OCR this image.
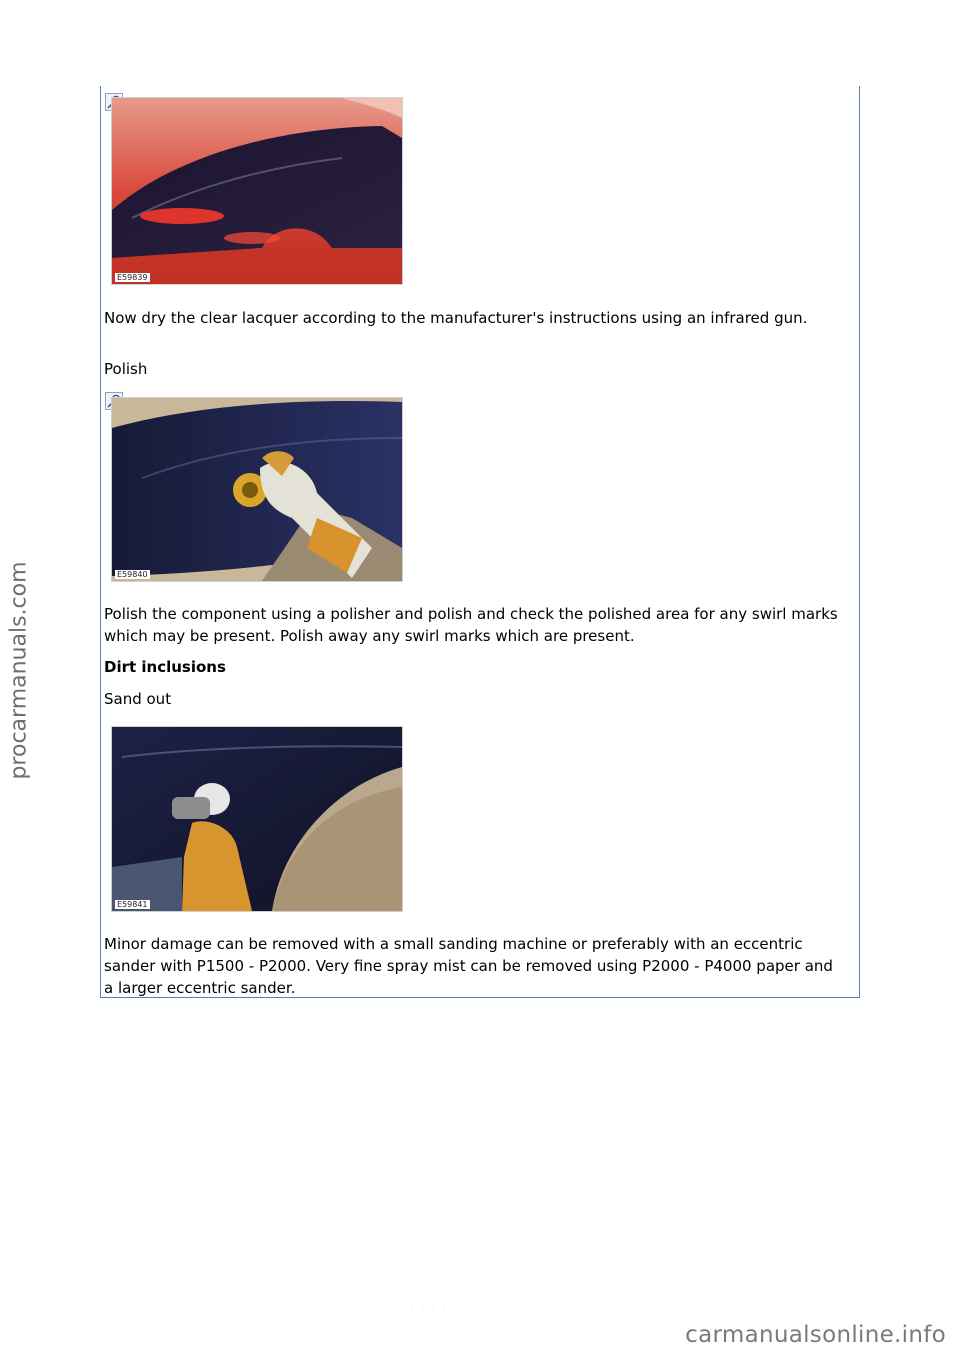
procarmanuals.com
E59839

Now dry the clear lacquer according to the manufacturer's instructions using an infrared gun.

Polish

E59840

Polish the component using a polisher and polish and check the polished area for any swirl marks which may be present. Polish away any swirl marks which are present.

Dirt inclusions

Sand out

E59841

Minor damage can be removed with a small sanding machine or preferably with an eccentric sander with P1500 - P2000. Very fine spray mist can be removed using P2000 - P4000 paper and a larger eccentric sander.

· · · · ·
carmanualsonline.info
